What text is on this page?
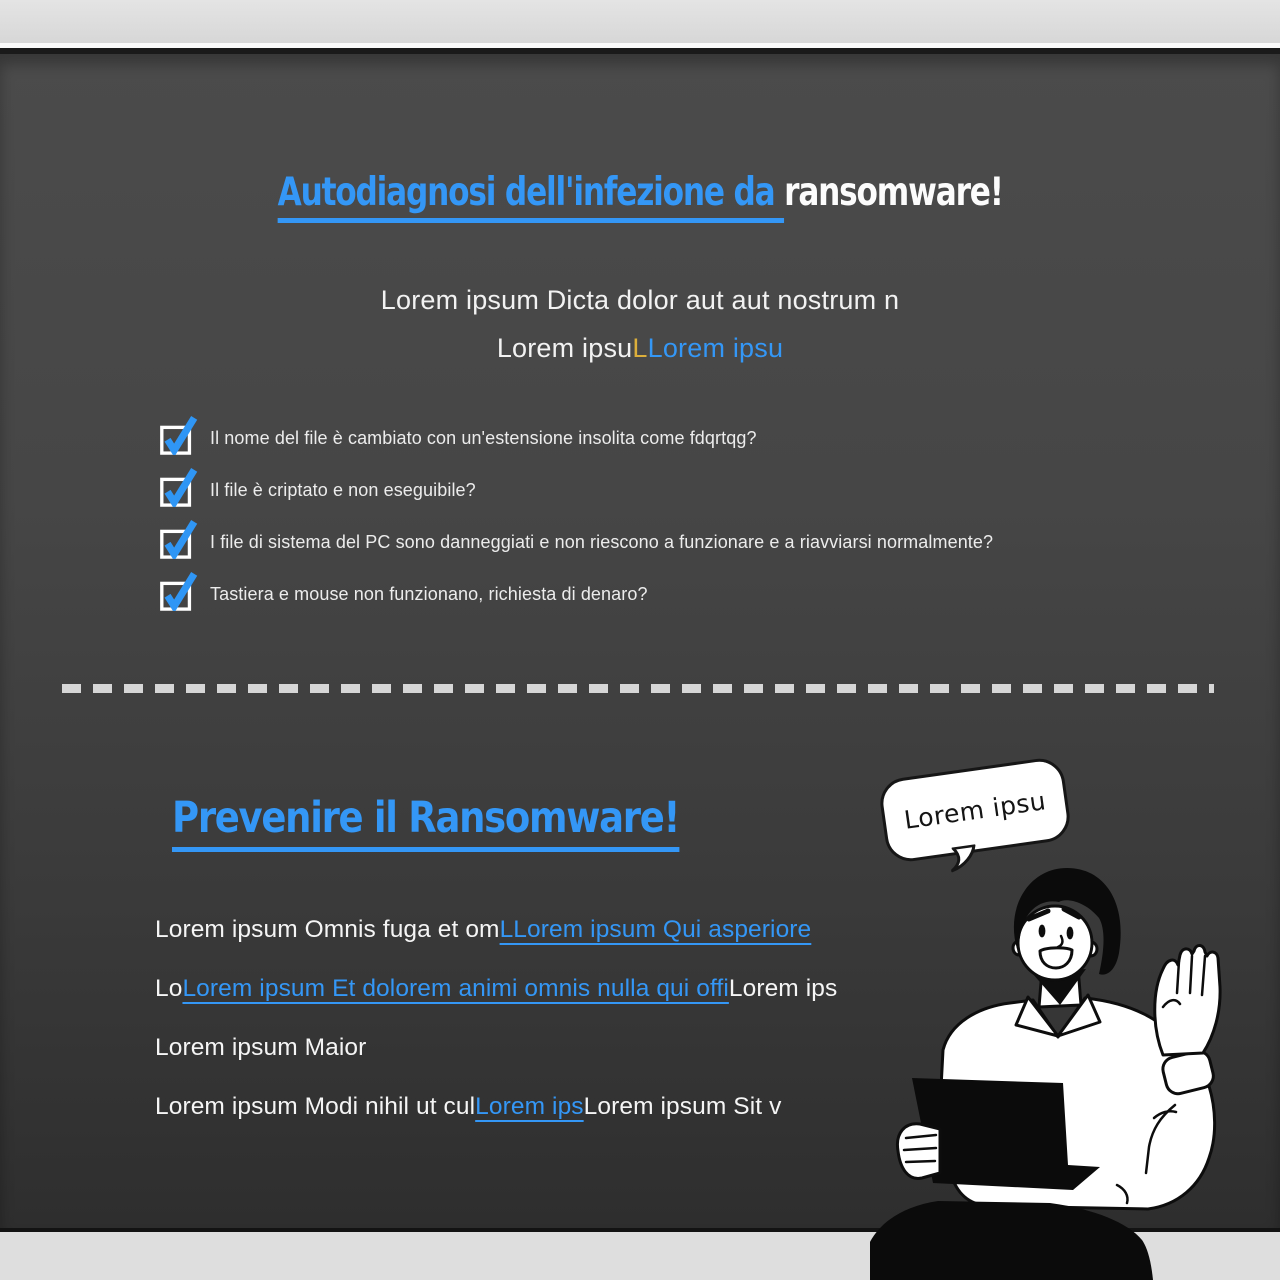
Autodiagnosi dell'infezione da ransomware!
Lorem ipsum Dicta dolor aut aut nostrum n
Lorem ipsuLLorem ipsu
Il nome del file è cambiato con un'estensione insolita come fdqrtqg?
Il file è criptato e non eseguibile?
I file di sistema del PC sono danneggiati e non riescono a funzionare e a riavviarsi normalmente?
Tastiera e mouse non funzionano, richiesta di denaro?
Prevenire il Ransomware!	Lorem ipsu
Lorem ipsum Omnis fuga et omLLorem ipsum Qui asperiore
LoLorem ipsum Et dolorem animi omnis nulla qui offiLorem ips
Lorem ipsum Maior
Lorem ipsum Modi nihil ut culLorem ipsLorem ipsum Sit v
